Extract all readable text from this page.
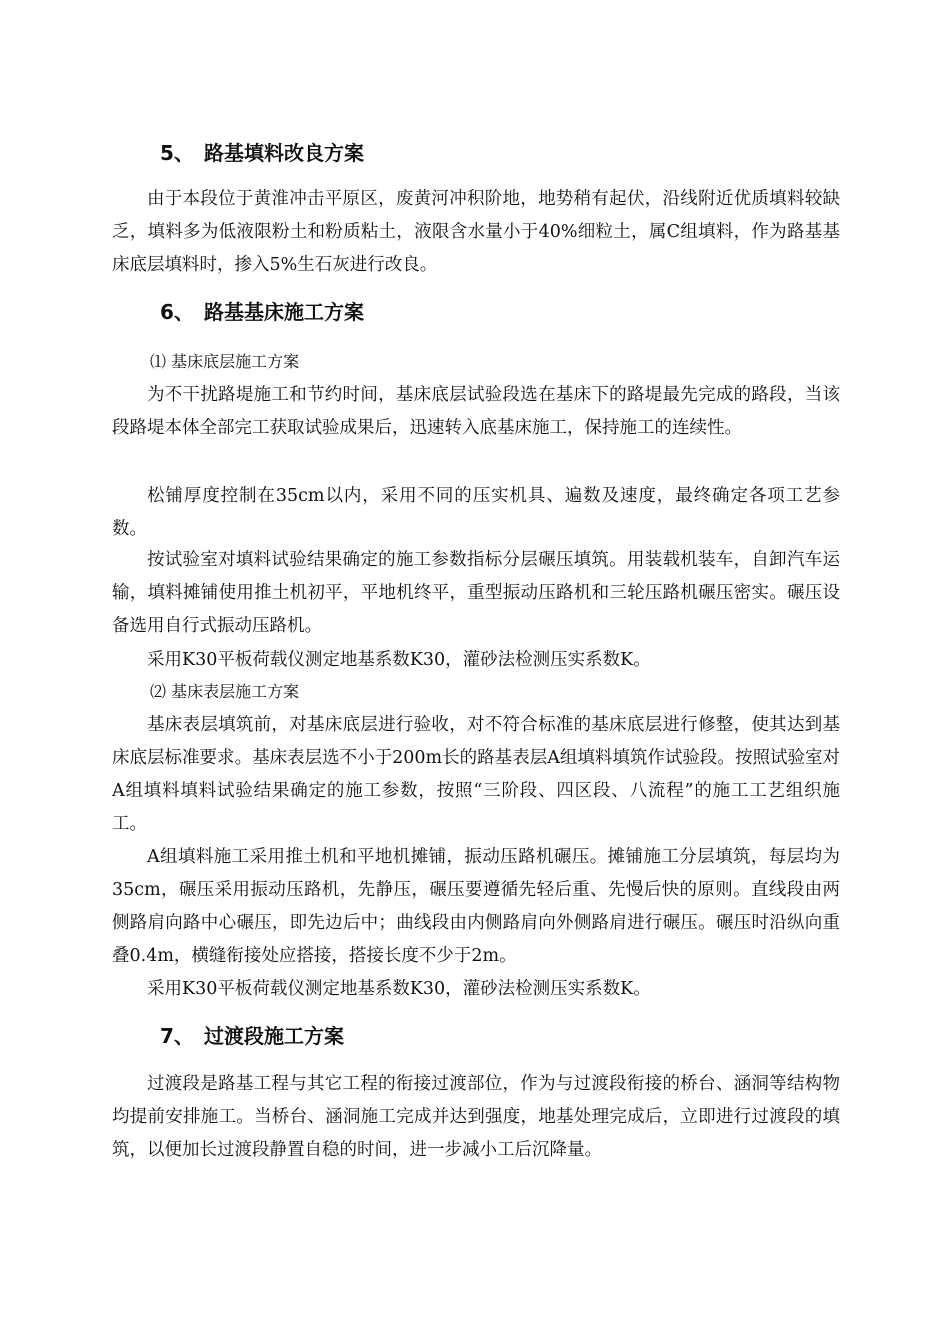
5、 路基填料改良方案

由于本段位于黄淮冲击平原区，废黄河冲积阶地，地势稍有起伏，沿线附近优质填料较缺乏，填料多为低液限粉土和粉质粘土，液限含水量小于40%细粒土，属C组填料，作为路基基床底层填料时，掺入5%生石灰进行改良。

6、 路基基床施工方案
⑴ 基床底层施工方案

为不干扰路堤施工和节约时间，基床底层试验段选在基床下的路堤最先完成的路段，当该段路堤本体全部完工获取试验成果后，迅速转入底基床施工，保持施工的连续性。

松铺厚度控制在35cm以内，采用不同的压实机具、遍数及速度，最终确定各项工艺参数。

按试验室对填料试验结果确定的施工参数指标分层碾压填筑。用装载机装车，自卸汽车运输，填料摊铺使用推土机初平，平地机终平，重型振动压路机和三轮压路机碾压密实。碾压设备选用自行式振动压路机。

采用K30平板荷载仪测定地基系数K30，灌砂法检测压实系数K。

⑵ 基床表层施工方案

基床表层填筑前，对基床底层进行验收，对不符合标准的基床底层进行修整，使其达到基床底层标准要求。基床表层选不小于200m长的路基表层A组填料填筑作试验段。按照试验室对A组填料填料试验结果确定的施工参数，按照“三阶段、四区段、八流程”的施工工艺组织施工。

A组填料施工采用推土机和平地机摊铺，振动压路机碾压。摊铺施工分层填筑，每层均为35cm，碾压采用振动压路机，先静压，碾压要遵循先轻后重、先慢后快的原则。直线段由两侧路肩向路中心碾压，即先边后中；曲线段由内侧路肩向外侧路肩进行碾压。碾压时沿纵向重叠0.4m，横缝衔接处应搭接，搭接长度不少于2m。

采用K30平板荷载仪测定地基系数K30，灌砂法检测压实系数K。

7、 过渡段施工方案

过渡段是路基工程与其它工程的衔接过渡部位，作为与过渡段衔接的桥台、涵洞等结构物均提前安排施工。当桥台、涵洞施工完成并达到强度，地基处理完成后，立即进行过渡段的填筑，以便加长过渡段静置自稳的时间，进一步减小工后沉降量。
